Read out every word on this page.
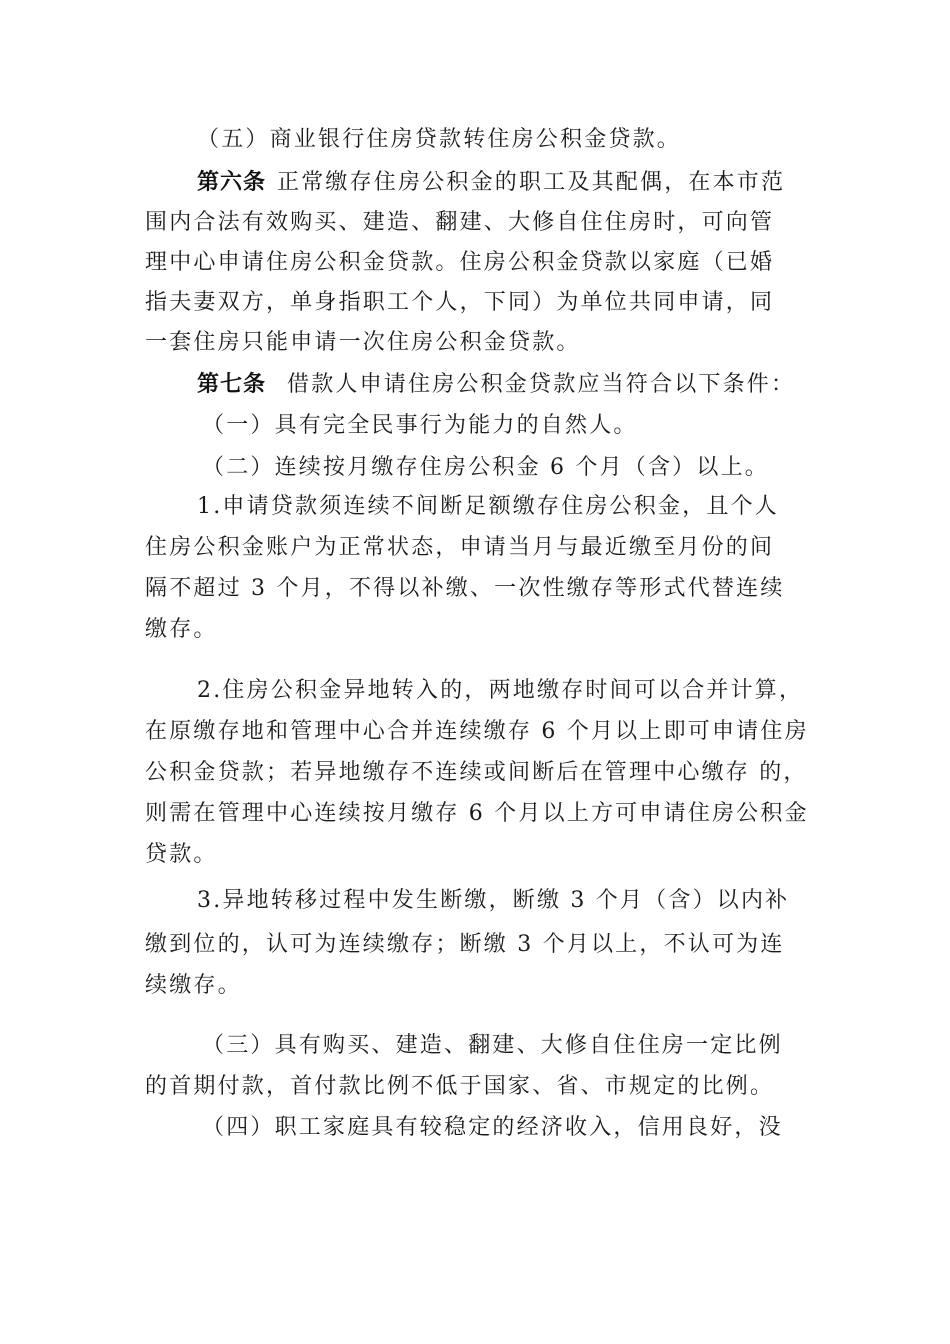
（五）商业银行住房贷款转住房公积金贷款。
第六条 正常缴存住房公积金的职工及其配偶，在本市范
围内合法有效购买、建造、翻建、大修自住住房时，可向管
理中心申请住房公积金贷款。住房公积金贷款以家庭（已婚
指夫妻双方，单身指职工个人，下同）为单位共同申请，同
一套住房只能申请一次住房公积金贷款。
第七条 借款人申请住房公积金贷款应当符合以下条件：
（一）具有完全民事行为能力的自然人。
（二）连续按月缴存住房公积金 6 个月（含）以上。
1.申请贷款须连续不间断足额缴存住房公积金，且个人
住房公积金账户为正常状态，申请当月与最近缴至月份的间
隔不超过 3 个月，不得以补缴、一次性缴存等形式代替连续
缴存。
2.住房公积金异地转入的，两地缴存时间可以合并计算，
在原缴存地和管理中心合并连续缴存 6 个月以上即可申请住房
公积金贷款；若异地缴存不连续或间断后在管理中心缴存 的，
则需在管理中心连续按月缴存 6 个月以上方可申请住房公积金
贷款。
3.异地转移过程中发生断缴，断缴 3 个月（含）以内补
缴到位的，认可为连续缴存；断缴 3 个月以上，不认可为连
续缴存。
（三）具有购买、建造、翻建、大修自住住房一定比例
的首期付款，首付款比例不低于国家、省、市规定的比例。
（四）职工家庭具有较稳定的经济收入，信用良好，没
